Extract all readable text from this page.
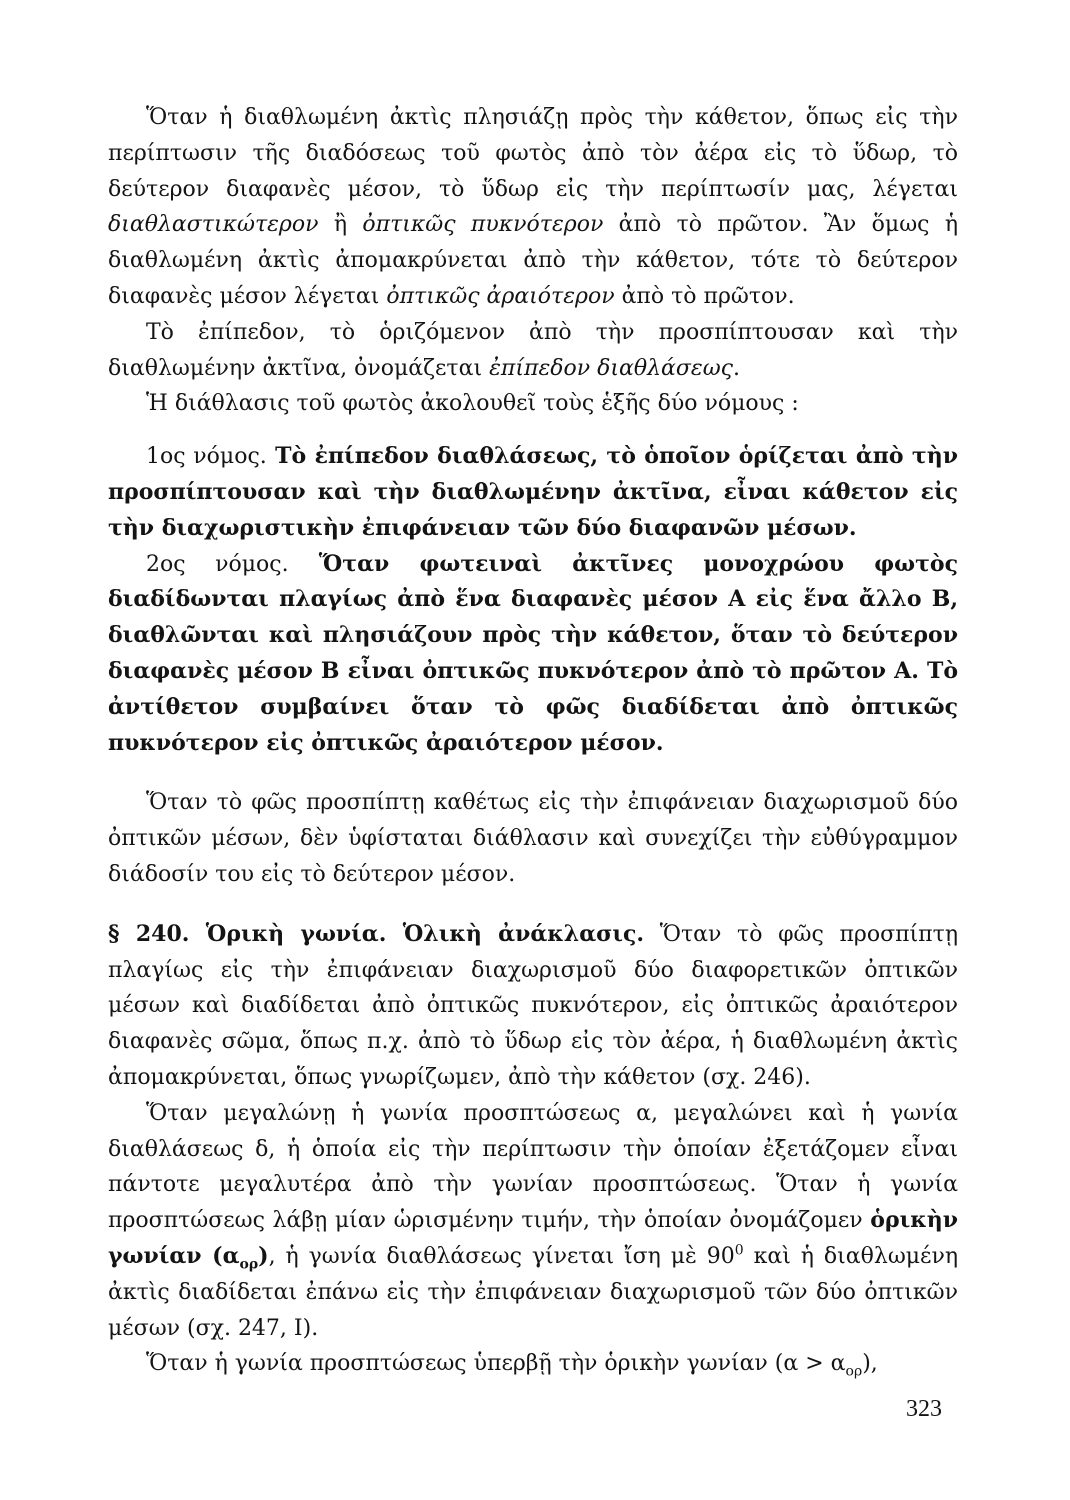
Ὅταν ἡ διαθλωμένη ἀκτὶς πλησιάζῃ πρὸς τὴν κάθετον, ὅπως εἰς τὴν περίπτωσιν τῆς διαδόσεως τοῦ φωτὸς ἀπὸ τὸν ἀέρα εἰς τὸ ὕδωρ, τὸ δεύτερον διαφανὲς μέσον, τὸ ὕδωρ εἰς τὴν περίπτωσίν μας, λέγεται διαθλαστικώτερον ἢ ὀπτικῶς πυκνότερον ἀπὸ τὸ πρῶτον. Ἂν ὅμως ἡ διαθλωμένη ἀκτὶς ἀπομακρύνεται ἀπὸ τὴν κάθετον, τότε τὸ δεύτερον διαφανὲς μέσον λέγεται ὀπτικῶς ἀραιότερον ἀπὸ τὸ πρῶτον.

Τὸ ἐπίπεδον, τὸ ὁριζόμενον ἀπὸ τὴν προσπίπτουσαν καὶ τὴν διαθλωμένην ἀκτῖνα, ὀνομάζεται ἐπίπεδον διαθλάσεως.

Ἡ διάθλασις τοῦ φωτὸς ἀκολουθεῖ τοὺς ἑξῆς δύο νόμους :

1ος νόμος. Τὸ ἐπίπεδον διαθλάσεως, τὸ ὁποῖον ὁρίζεται ἀπὸ τὴν προσπίπτουσαν καὶ τὴν διαθλωμένην ἀκτῖνα, εἶναι κάθετον εἰς τὴν διαχωριστικὴν ἐπιφάνειαν τῶν δύο διαφανῶν μέσων.

2ος νόμος. Ὅταν φωτειναὶ ἀκτῖνες μονοχρώου φωτὸς διαδίδωνται πλαγίως ἀπὸ ἕνα διαφανὲς μέσον Α εἰς ἕνα ἄλλο Β, διαθλῶνται καὶ πλησιάζουν πρὸς τὴν κάθετον, ὅταν τὸ δεύτερον διαφανὲς μέσον Β εἶναι ὀπτικῶς πυκνότερον ἀπὸ τὸ πρῶτον Α. Τὸ ἀντίθετον συμβαίνει ὅταν τὸ φῶς διαδίδεται ἀπὸ ὀπτικῶς πυκνότερον εἰς ὀπτικῶς ἀραιότερον μέσον.

Ὅταν τὸ φῶς προσπίπτῃ καθέτως εἰς τὴν ἐπιφάνειαν διαχωρισμοῦ δύο ὀπτικῶν μέσων, δὲν ὑφίσταται διάθλασιν καὶ συνεχίζει τὴν εὐθύγραμμον διάδοσίν του εἰς τὸ δεύτερον μέσον.

§ 240. Ὁρικὴ γωνία. Ὁλικὴ ἀνάκλασις. Ὅταν τὸ φῶς προσπίπτῃ πλαγίως εἰς τὴν ἐπιφάνειαν διαχωρισμοῦ δύο διαφορετικῶν ὀπτικῶν μέσων καὶ διαδίδεται ἀπὸ ὀπτικῶς πυκνότερον, εἰς ὀπτικῶς ἀραιότερον διαφανὲς σῶμα, ὅπως π.χ. ἀπὸ τὸ ὕδωρ εἰς τὸν ἀέρα, ἡ διαθλωμένη ἀκτὶς ἀπομακρύνεται, ὅπως γνωρίζωμεν, ἀπὸ τὴν κάθετον (σχ. 246).

Ὅταν μεγαλώνῃ ἡ γωνία προσπτώσεως α, μεγαλώνει καὶ ἡ γωνία διαθλάσεως δ, ἡ ὁποία εἰς τὴν περίπτωσιν τὴν ὁποίαν ἐξετάζομεν εἶναι πάντοτε μεγαλυτέρα ἀπὸ τὴν γωνίαν προσπτώσεως. Ὅταν ἡ γωνία προσπτώσεως λάβῃ μίαν ὡρισμένην τιμήν, τὴν ὁποίαν ὀνομάζομεν ὁρικὴν γωνίαν $(\alpha_{o\rho})$, ἡ γωνία διαθλάσεως γίνεται ἴση μὲ $90^0$ καὶ ἡ διαθλωμένη ἀκτὶς διαδίδεται ἐπάνω εἰς τὴν ἐπιφάνειαν διαχωρισμοῦ τῶν δύο ὀπτικῶν μέσων (σχ. 247, Ι).

Ὅταν ἡ γωνία προσπτώσεως ὑπερβῇ τὴν ὁρικὴν γωνίαν $(\alpha > \alpha_{o\rho})$,

323
